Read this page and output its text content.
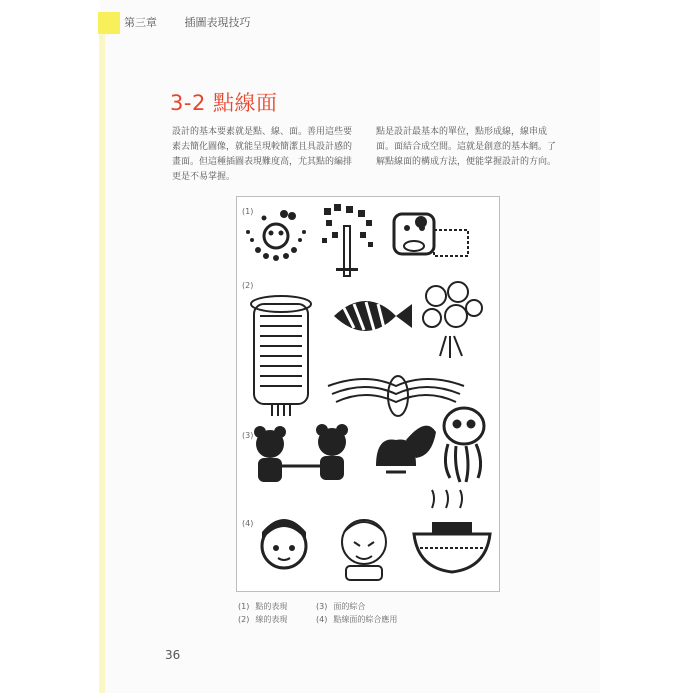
第三章	插圖表現技巧
3-2 點線面
設計的基本要素就是點、線、面。善用這些要素去簡化圖像，就能呈現較簡潔且具設計感的畫面。但這種插圖表現難度高，尤其點的編排更是不易掌握。
點是設計最基本的單位，點形成線，線串成面。面結合成空間。這就是創意的基本網。了解點線面的構成方法，便能掌握設計的方向。
(1)
(2)
(3)
(4)
(1) 點的表現	(3) 面的綜合
(2) 線的表現	(4) 點線面的綜合應用
36
